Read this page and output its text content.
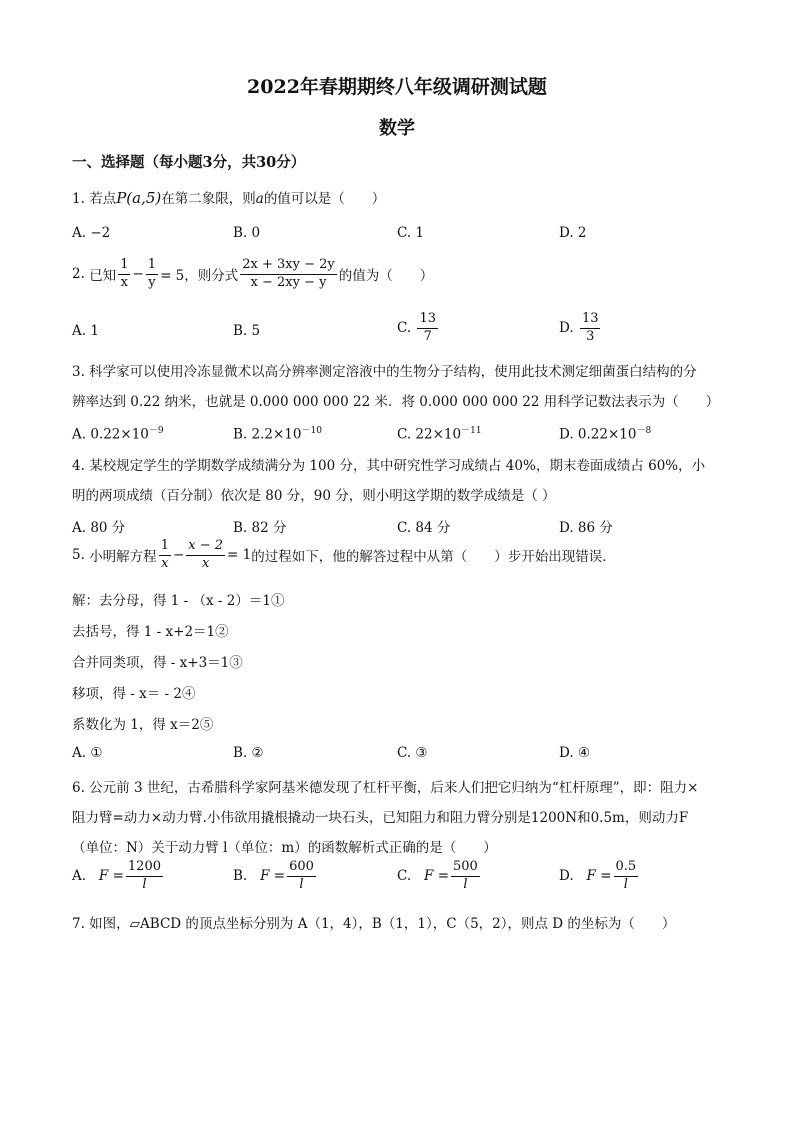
2022年春期期终八年级调研测试题
数学
一、选择题（每小题3分，共30分）
1. 若点P(a,5)在第二象限，则a的值可以是（　　）
A. −2	B. 0	C. 1	D. 2
2.
已知 $\frac{1}{x} - \frac{1}{y} = 5$，则分式 $\frac{2x + 3xy - 2y}{x - 2xy - y}$ 的值为（　　）
A. 1	B. 5	C.
$\frac{13}{7}$	D.
$\frac{13}{3}$
3. 科学家可以使用冷冻显微术以高分辨率测定溶液中的生物分子结构，使用此技术测定细菌蛋白结构的分
辨率达到 0.22 纳米，也就是 0.000 000 000 22 米．将 0.000 000 000 22 用科学记数法表示为（　　）
A. $0.22\times 10^{-9}$	B. $2.2\times 10^{-10}$	C. $22\times 10^{-11}$	D. $0.22\times 10^{-8}$
4. 某校规定学生的学期数学成绩满分为 100 分，其中研究性学习成绩占 40%，期末卷面成绩占 60%，小
明的两项成绩（百分制）依次是 80 分，90 分，则小明这学期的数学成绩是（ ）
A. 80 分	B. 82 分	C. 84 分	D. 86 分
5.
小明解方程 $\frac{1}{x} - \frac{x - 2}{x} = 1$ 的过程如下，他的解答过程中从第（　　）步开始出现错误．
解：去分母，得 1 - （x - 2）＝1①
去括号，得 1 - x+2＝1②
合并同类项，得 - x+3＝1③
移项，得 - x＝ - 2④
系数化为 1，得 x＝2⑤
A. ①	B. ②	C. ③	D. ④
6. 公元前 3 世纪，古希腊科学家阿基米德发现了杠杆平衡，后来人们把它归纳为“杠杆原理”，即：阻力×
阻力臂=动力×动力臂.小伟欲用撬根撬动一块石头，已知阻力和阻力臂分别是1200N和0.5m，则动力F
（单位：N）关于动力臂 l（单位：m）的函数解析式正确的是（　　）
A.
F
= $\frac{1200}{l}$	B.
F
= $\frac{600}{l}$	C.
F
= $\frac{500}{l}$	D.
F
= $\frac{0.5}{l}$
7. 如图，▱ABCD 的顶点坐标分别为 A（1，4），B（1，1），C（5，2），则点 D 的坐标为（　　）
